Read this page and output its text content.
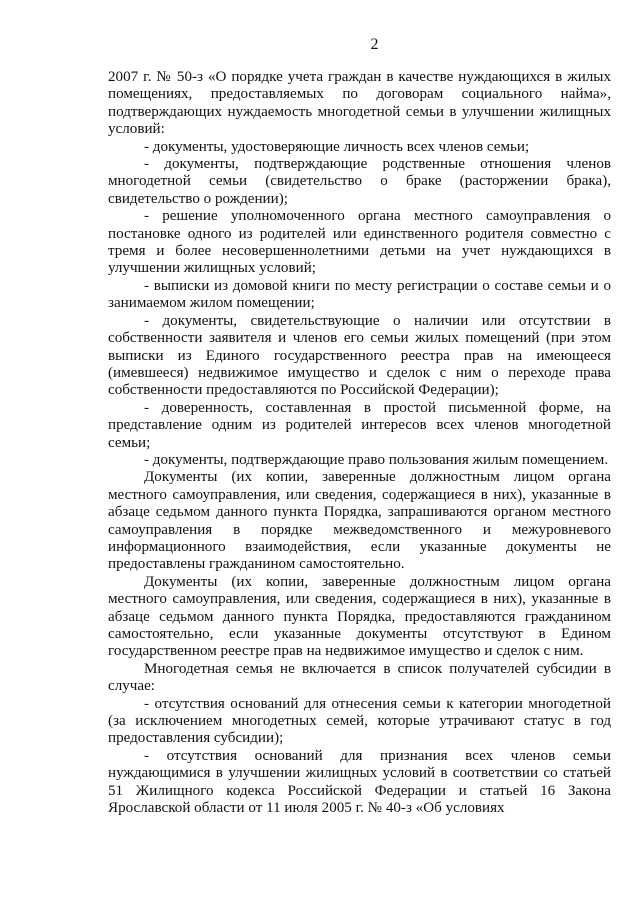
2

2007 г. № 50-з «О порядке учета граждан в качестве нуждающихся в жилых помещениях, предоставляемых по договорам социального найма», подтверждающих нуждаемость многодетной семьи в улучшении жилищных условий:

- документы, удостоверяющие личность всех членов семьи;

- документы, подтверждающие родственные отношения членов многодетной семьи (свидетельство о браке (расторжении брака), свидетельство о рождении);

- решение уполномоченного органа местного самоуправления о постановке одного из родителей или единственного родителя совместно с тремя и более несовершеннолетними детьми на учет нуждающихся в улучшении жилищных условий;

- выписки из домовой книги по месту регистрации о составе семьи и о занимаемом жилом помещении;

- документы, свидетельствующие о наличии или отсутствии в собственности заявителя и членов его семьи жилых помещений (при этом выписки из Единого государственного реестра прав на имеющееся (имевшееся) недвижимое имущество и сделок с ним о переходе права собственности предоставляются по Российской Федерации);

- доверенность, составленная в простой письменной форме, на представление одним из родителей интересов всех членов многодетной семьи;

- документы, подтверждающие право пользования жилым помещением.

Документы (их копии, заверенные должностным лицом органа местного самоуправления, или сведения, содержащиеся в них), указанные в абзаце седьмом данного пункта Порядка, запрашиваются органом местного самоуправления в порядке межведомственного и межуровневого информационного взаимодействия, если указанные документы не предоставлены гражданином самостоятельно.

Документы (их копии, заверенные должностным лицом органа местного самоуправления, или сведения, содержащиеся в них), указанные в абзаце седьмом данного пункта Порядка, предоставляются гражданином самостоятельно, если указанные документы отсутствуют в Едином государственном реестре прав на недвижимое имущество и сделок с ним.

Многодетная семья не включается в список получателей субсидии в случае:

- отсутствия оснований для отнесения семьи к категории многодетной (за исключением многодетных семей, которые утрачивают статус в год предоставления субсидии);

- отсутствия оснований для признания всех членов семьи нуждающимися в улучшении жилищных условий в соответствии со статьей 51 Жилищного кодекса Российской Федерации и статьей 16 Закона Ярославской области от 11 июля 2005 г. № 40-з «Об условиях
